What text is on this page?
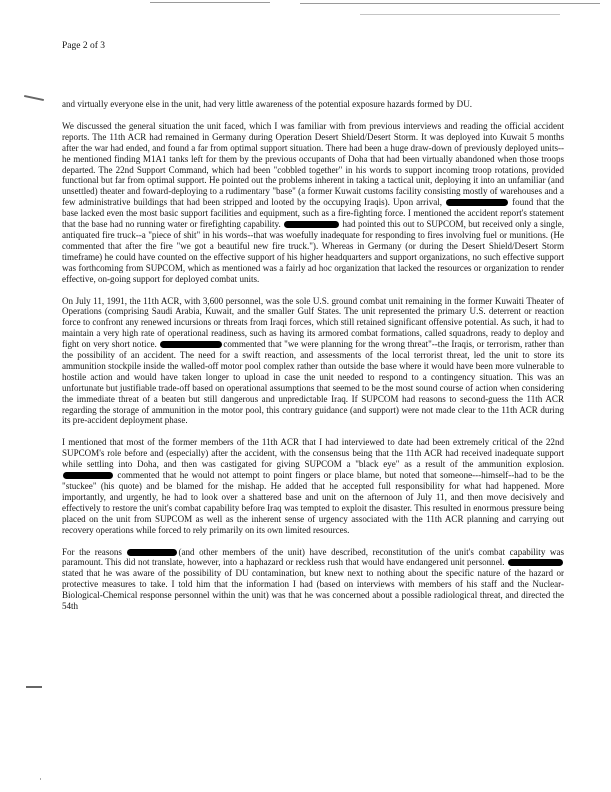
Page 2 of 3

and virtually everyone else in the unit, had very little awareness of the potential exposure hazards formed by DU.

We discussed the general situation the unit faced, which I was familiar with from previous interviews and reading the official accident reports. The 11th ACR had remained in Germany during Operation Desert Shield/Desert Storm. It was deployed into Kuwait 5 months after the war had ended, and found a far from optimal support situation. There had been a huge draw-down of previously deployed units--he mentioned finding M1A1 tanks left for them by the previous occupants of Doha that had been virtually abandoned when those troops departed. The 22nd Support Command, which had been "cobbled together" in his words to support incoming troop rotations, provided functional but far from optimal support. He pointed out the problems inherent in taking a tactical unit, deploying it into an unfamiliar (and unsettled) theater and foward-deploying to a rudimentary "base" (a former Kuwait customs facility consisting mostly of warehouses and a few administrative buildings that had been stripped and looted by the occupying Iraqis). Upon arrival,	found that the base lacked even the most basic support facilities and equipment, such as a fire-fighting force. I mentioned the accident report's statement that the base had no running water or firefighting capability.	had pointed this out to SUPCOM, but received only a single, antiquated fire truck--a "piece of shit" in his words--that was woefully inadequate for responding to fires involving fuel or munitions. (He commented that after the fire "we got a beautiful new fire truck."). Whereas in Germany (or during the Desert Shield/Desert Storm timeframe) he could have counted on the effective support of his higher headquarters and support organizations, no such effective support was forthcoming from SUPCOM, which as mentioned was a fairly ad hoc organization that lacked the resources or organization to render effective, on-going support for deployed combat units.

On July 11, 1991, the 11th ACR, with 3,600 personnel, was the sole U.S. ground combat unit remaining in the former Kuwaiti Theater of Operations (comprising Saudi Arabia, Kuwait, and the smaller Gulf States. The unit represented the primary U.S. deterrent or reaction force to confront any renewed incursions or threats from Iraqi forces, which still retained significant offensive potential. As such, it had to maintain a very high rate of operational readiness, such as having its armored combat formations, called squadrons, ready to deploy and fight on very short notice.	commented that "we were planning for the wrong threat"--the Iraqis, or terrorism, rather than the possibility of an accident. The need for a swift reaction, and assessments of the local terrorist threat, led the unit to store its ammunition stockpile inside the walled-off motor pool complex rather than outside the base where it would have been more vulnerable to hostile action and would have taken longer to upload in case the unit needed to respond to a contingency situation. This was an unfortunate but justifiable trade-off based on operational assumptions that seemed to be the most sound course of action when considering the immediate threat of a beaten but still dangerous and unpredictable Iraq. If SUPCOM had reasons to second-guess the 11th ACR regarding the storage of ammunition in the motor pool, this contrary guidance (and support) were not made clear to the 11th ACR during its pre-accident deployment phase.

I mentioned that most of the former members of the 11th ACR that I had interviewed to date had been extremely critical of the 22nd SUPCOM's role before and (especially) after the accident, with the consensus being that the 11th ACR had received inadequate support while settling into Doha, and then was castigated for giving SUPCOM a "black eye" as a result of the ammunition explosion.  commented that he would not attempt to point fingers or place blame, but noted that someone---himself--had to be the "stuckee" (his quote) and be blamed for the mishap. He added that he accepted full responsibility for what had happened. More importantly, and urgently, he had to look over a shattered base and unit on the afternoon of July 11, and then move decisively and effectively to restore the unit's combat capability before Iraq was tempted to exploit the disaster. This resulted in enormous pressure being placed on the unit from SUPCOM as well as the inherent sense of urgency associated with the 11th ACR planning and carrying out recovery operations while forced to rely primarily on its own limited resources.

For the reasons	(and other members of the unit) have described, reconstitution of the unit's combat capability was paramount. This did not translate, however, into a haphazard or reckless rush that would have endangered unit personnel.  stated that he was aware of the possibility of DU contamination, but knew next to nothing about the specific nature of the hazard or protective measures to take. I told him that the information I had (based on interviews with members of his staff and the Nuclear-Biological-Chemical response personnel within the unit) was that he was concerned about a possible radiological threat, and directed the 54th
